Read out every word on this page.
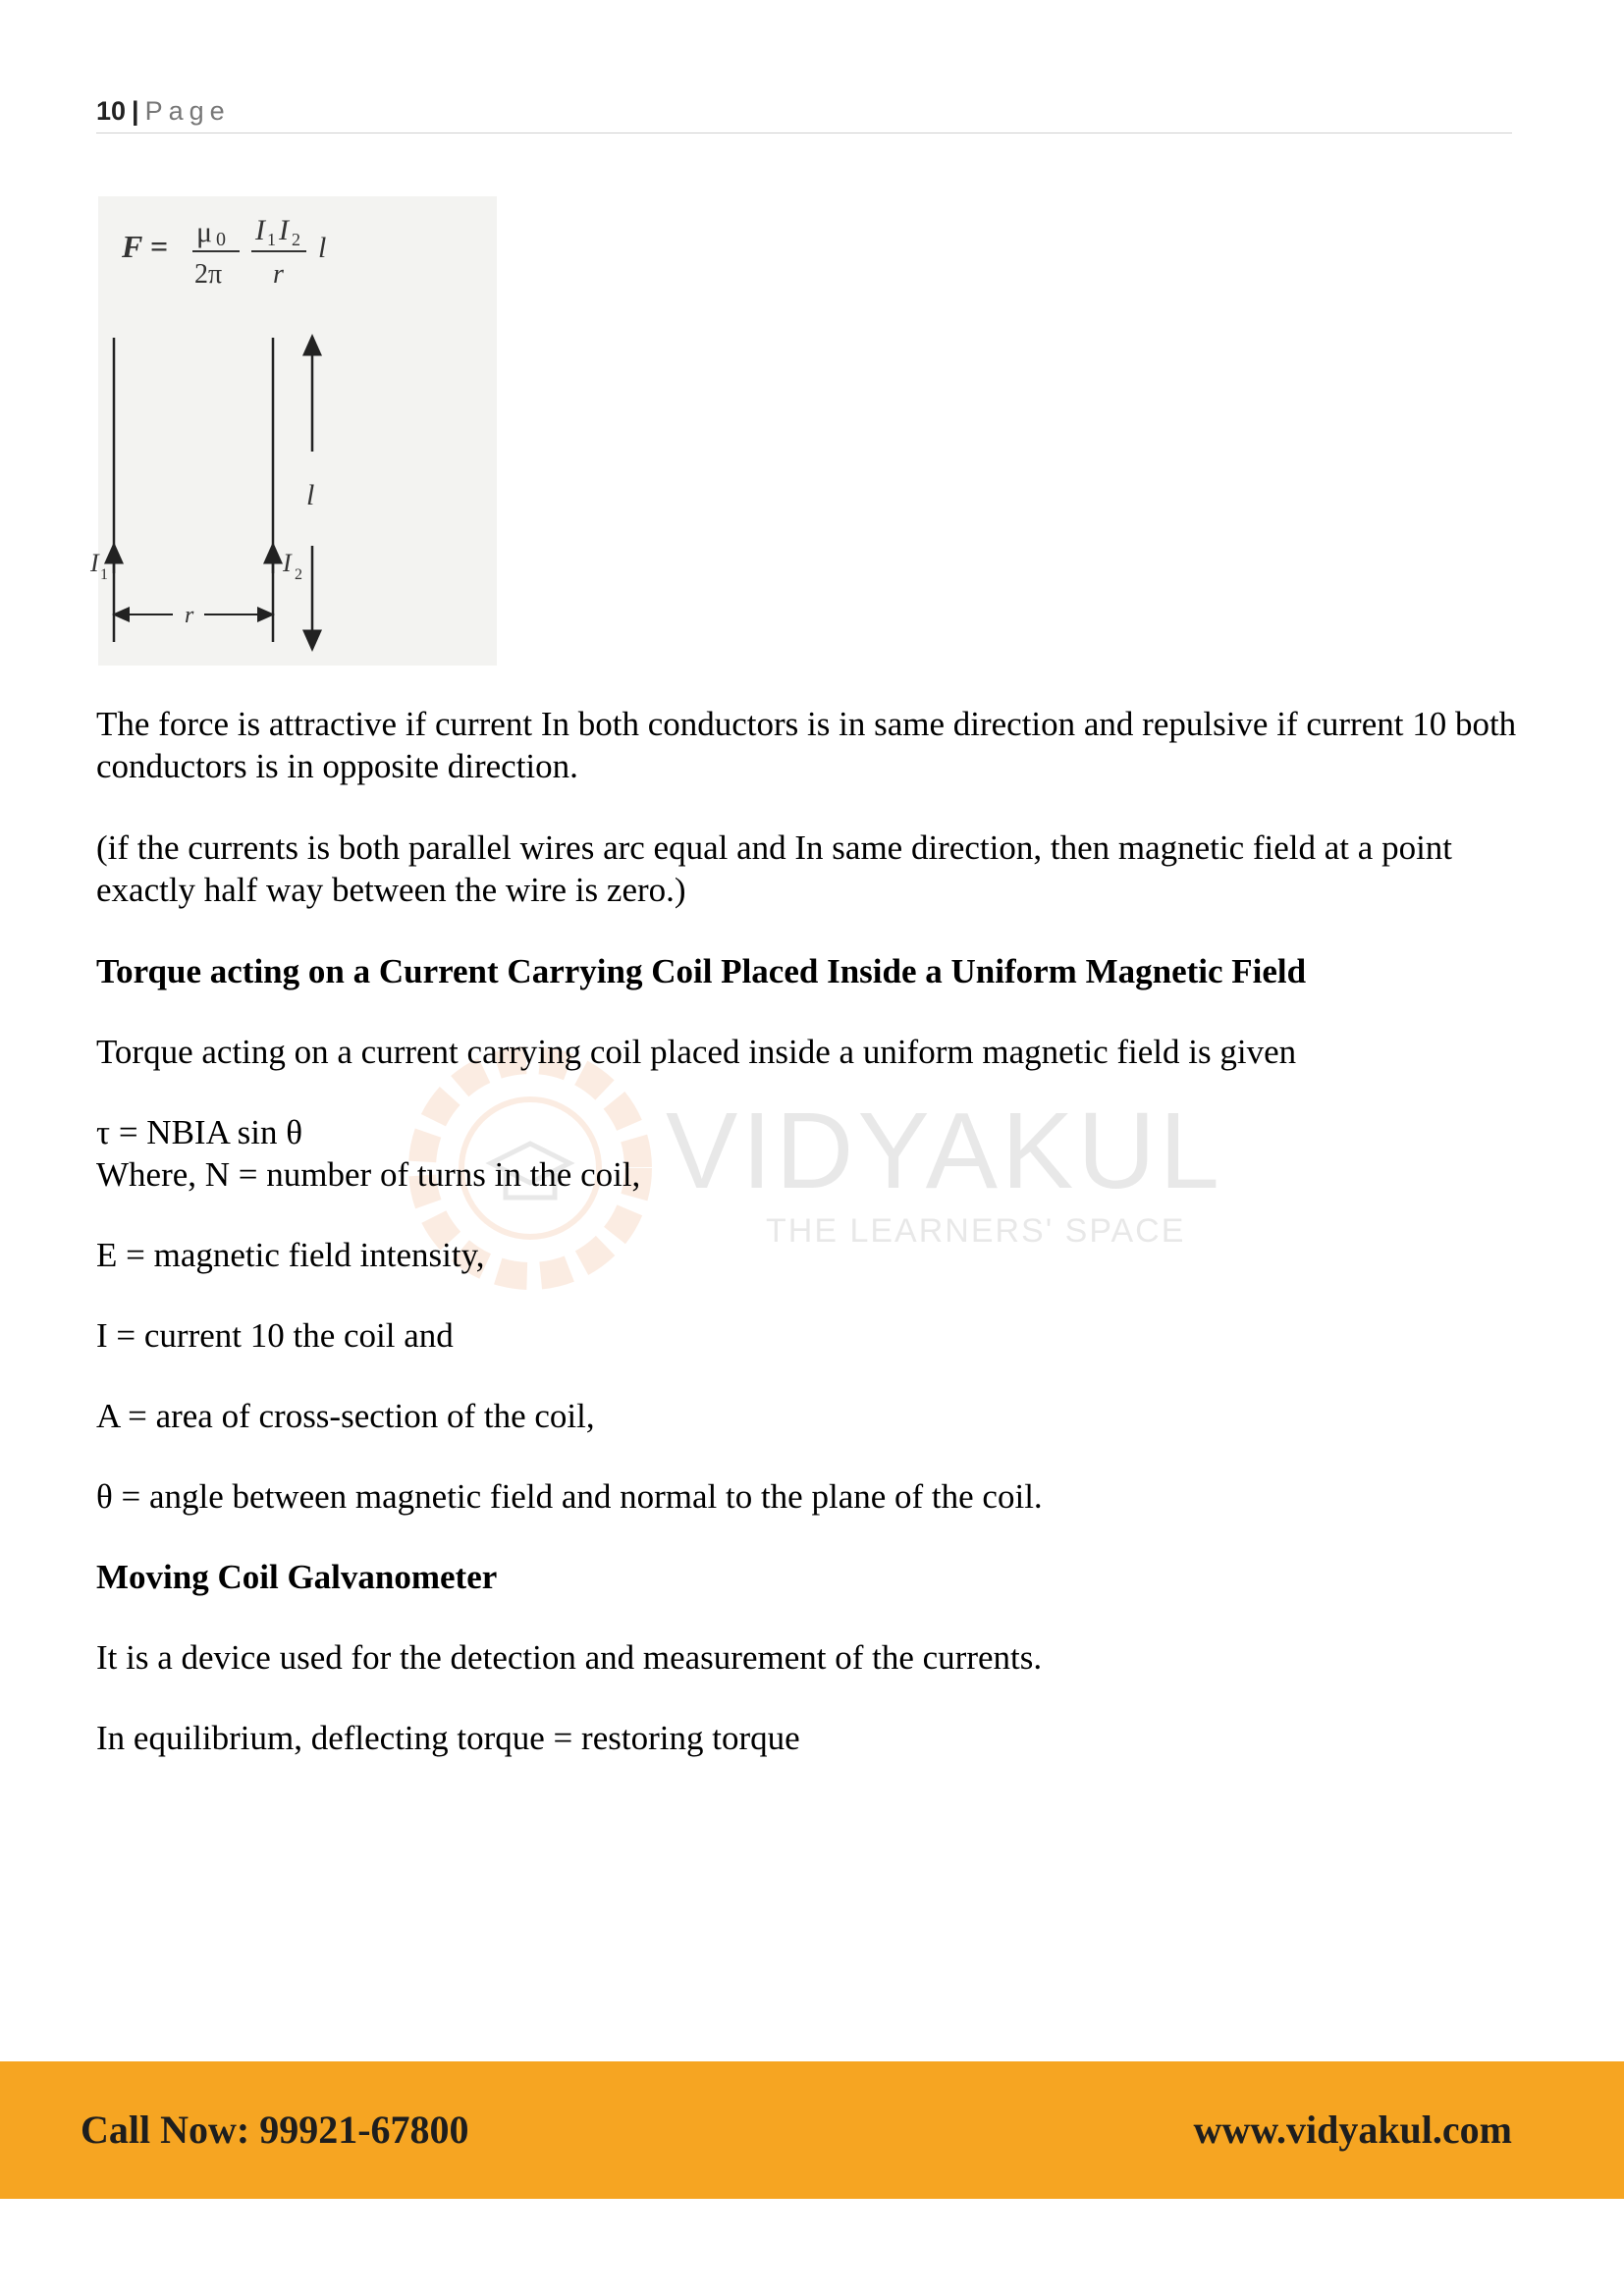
10 | Page
F = μ 0
2π
I 1 I 2
r
l
I 1	I 2
l
r
VIDYAKUL
THE LEARNERS' SPACE

The force is attractive if current In both conductors is in same direction and repulsive if current 10 both conductors is in opposite direction.

(if the currents is both parallel wires arc equal and In same direction, then magnetic field at a point exactly half way between the wire is zero.)

Torque acting on a Current Carrying Coil Placed Inside a Uniform Magnetic Field

Torque acting on a current carrying coil placed inside a uniform magnetic field is given

τ = NBIA sin θ

Where, N = number of turns in the coil,

E = magnetic field intensity,

I = current 10 the coil and

A = area of cross-section of the coil,

θ = angle between magnetic field and normal to the plane of the coil.

Moving Coil Galvanometer

It is a device used for the detection and measurement of the currents.

In equilibrium, deflecting torque = restoring torque

Call Now: 99921-67800	www.vidyakul.com
